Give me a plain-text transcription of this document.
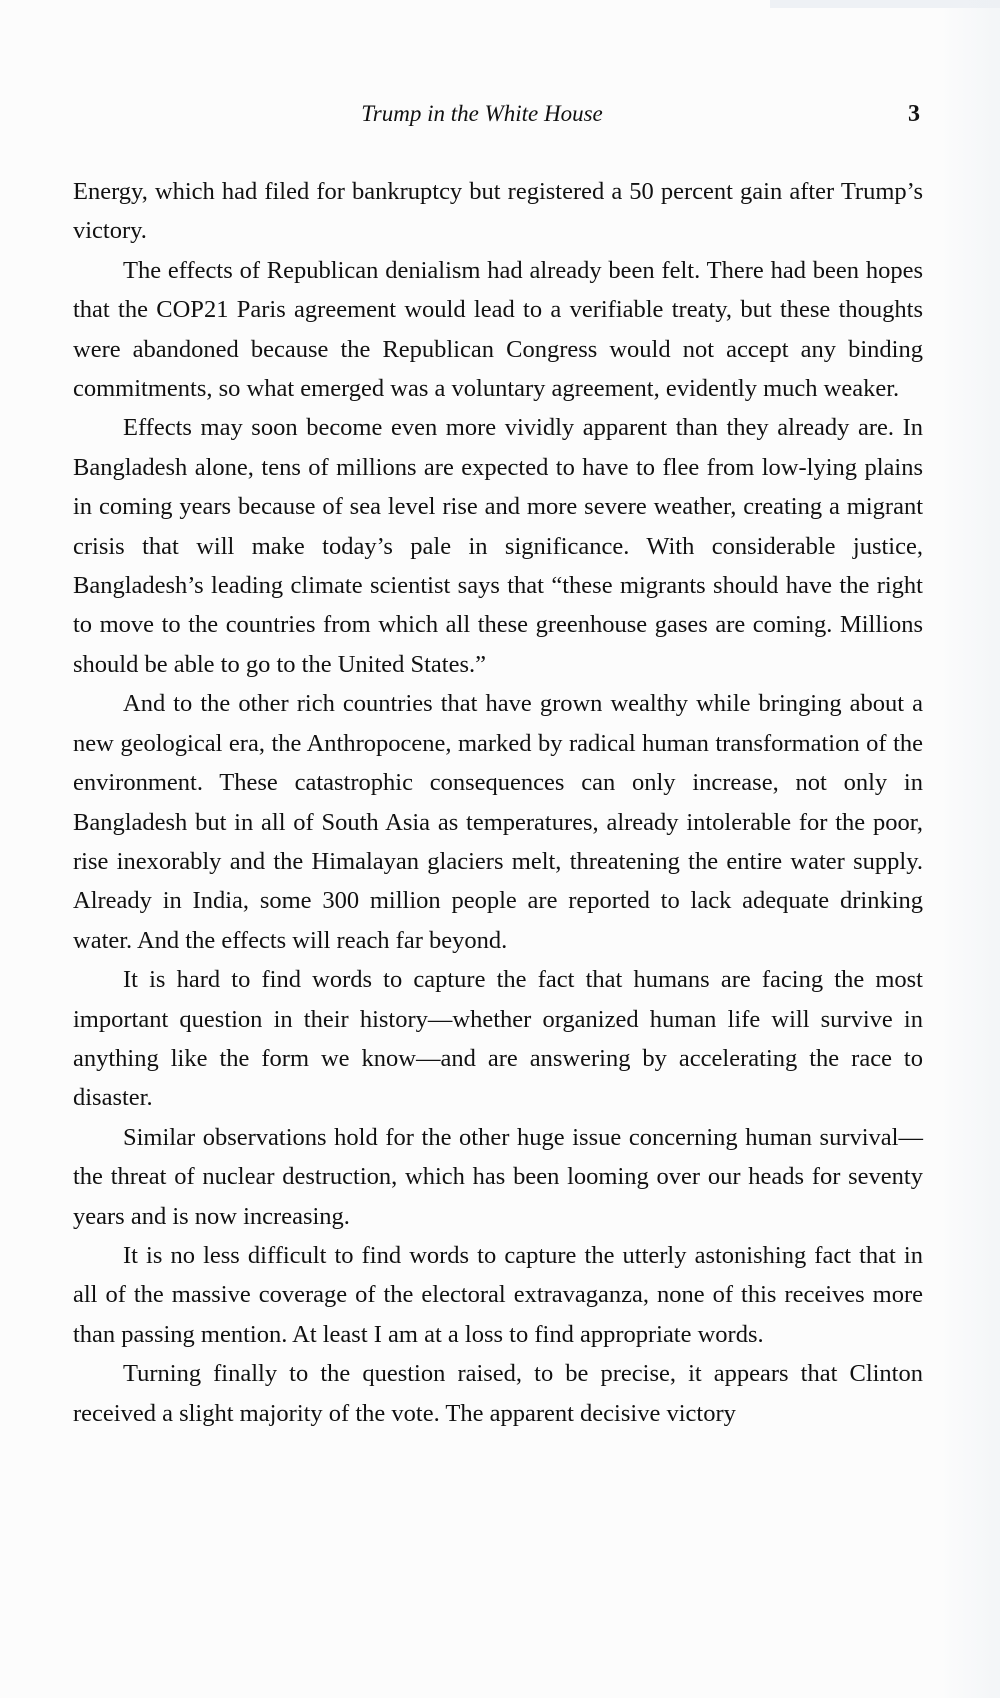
Trump in the White House	3

Energy, which had filed for bankruptcy but registered a 50 percent gain after Trump’s victory.

The effects of Republican denialism had already been felt. There had been hopes that the COP21 Paris agreement would lead to a verifiable treaty, but these thoughts were abandoned because the Republican Congress would not accept any binding commitments, so what emerged was a voluntary agreement, evidently much weaker.

Effects may soon become even more vividly apparent than they already are. In Bangladesh alone, tens of millions are expected to have to flee from low-lying plains in coming years because of sea level rise and more severe weather, creating a migrant crisis that will make today’s pale in significance. With considerable justice, Bangladesh’s leading climate scientist says that “these migrants should have the right to move to the countries from which all these greenhouse gases are coming. Millions should be able to go to the United States.”

And to the other rich countries that have grown wealthy while bringing about a new geological era, the Anthropocene, marked by radical human transformation of the environment. These catastrophic consequences can only increase, not only in Bangladesh but in all of South Asia as temperatures, already intolerable for the poor, rise inexorably and the Himalayan glaciers melt, threatening the entire water supply. Already in India, some 300 million people are reported to lack adequate drinking water. And the effects will reach far beyond.

It is hard to find words to capture the fact that humans are facing the most important question in their history—whether organized human life will survive in anything like the form we know—and are answering by accelerating the race to disaster.

Similar observations hold for the other huge issue concerning human survival—the threat of nuclear destruction, which has been looming over our heads for seventy years and is now increasing.

It is no less difficult to find words to capture the utterly astonishing fact that in all of the massive coverage of the electoral extravaganza, none of this receives more than passing mention. At least I am at a loss to find appropriate words.

Turning finally to the question raised, to be precise, it appears that Clinton received a slight majority of the vote. The apparent decisive victory
